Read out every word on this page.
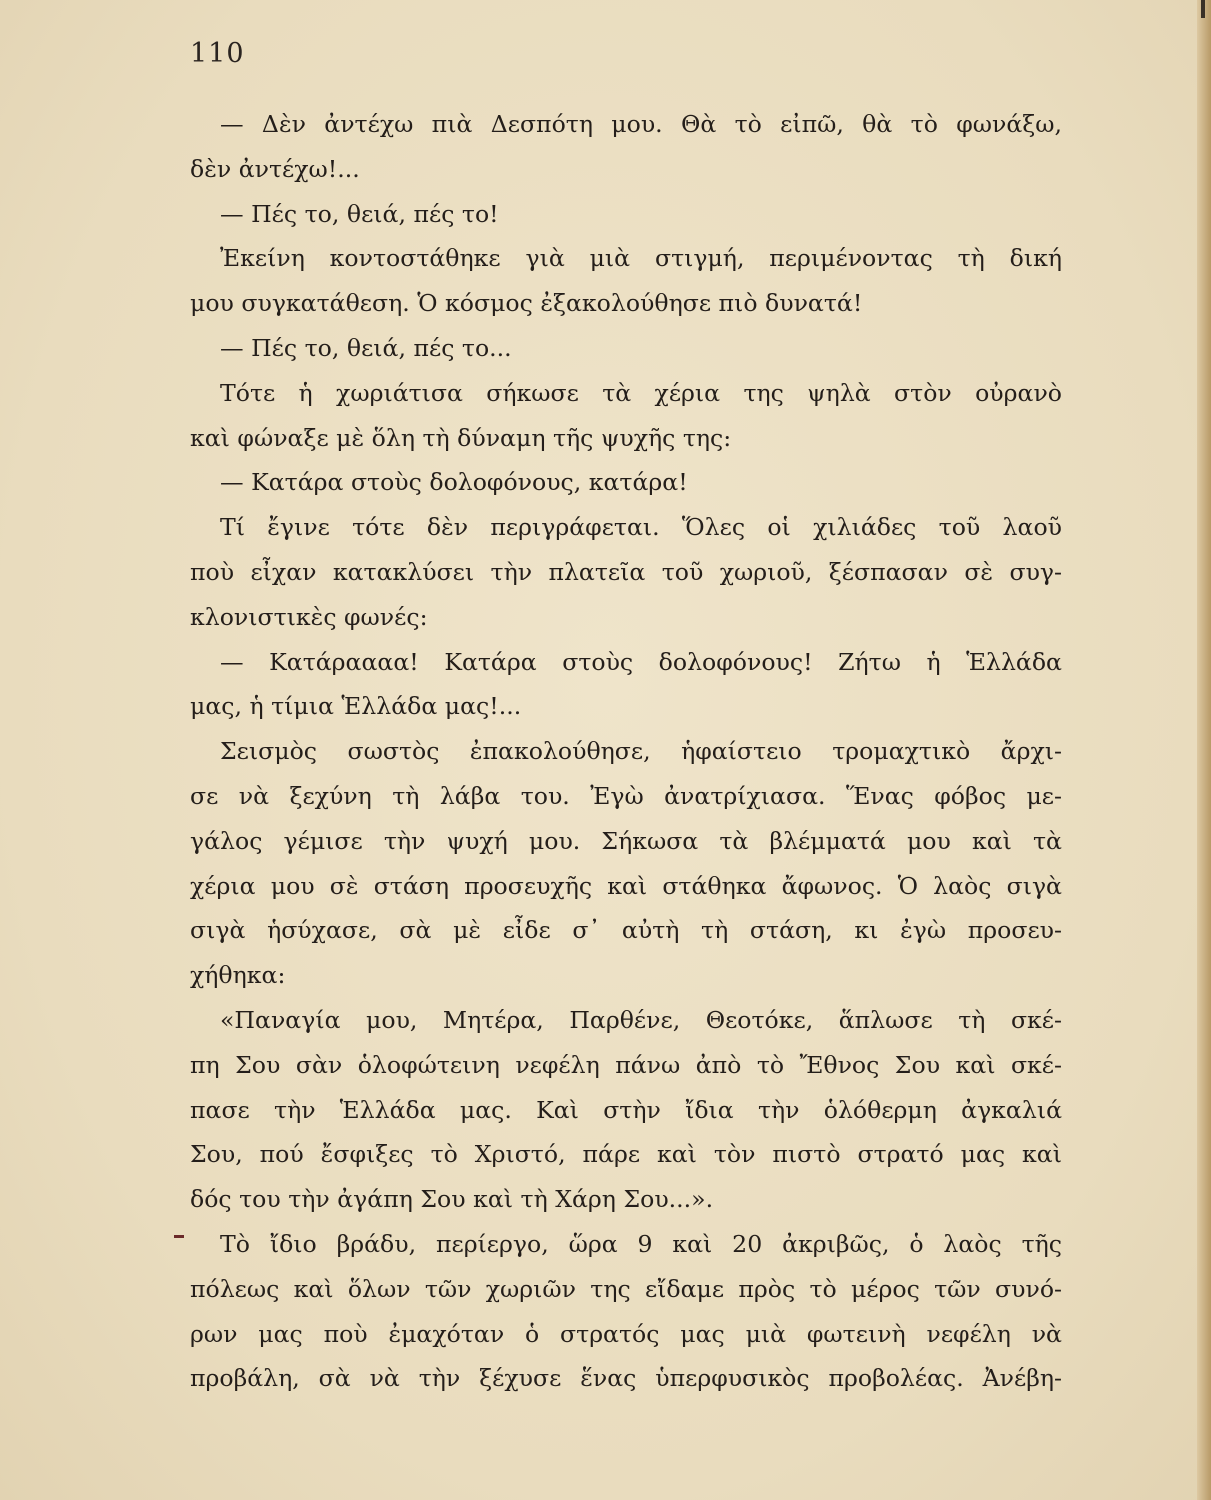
110
— Δὲν ἀντέχω πιὰ Δεσπότη μου. Θὰ τὸ εἰπῶ, θὰ τὸ φωνάξω,
δὲν ἀντέχω!...
— Πές το, θειά, πές το!
Ἐκείνη κοντοστάθηκε γιὰ μιὰ στιγμή, περιμένοντας τὴ δική
μου συγκατάθεση. Ὁ κόσμος ἐξακολούθησε πιὸ δυνατά!
— Πές το, θειά, πές το...
Τότε ἡ χωριάτισα σήκωσε τὰ χέρια της ψηλὰ στὸν οὐρανὸ
καὶ φώναξε μὲ ὅλη τὴ δύναμη τῆς ψυχῆς της:
— Κατάρα στοὺς δολοφόνους, κατάρα!
Τί ἔγινε τότε δὲν περιγράφεται. Ὅλες οἱ χιλιάδες τοῦ λαοῦ
ποὺ εἶχαν κατακλύσει τὴν πλατεῖα τοῦ χωριοῦ, ξέσπασαν σὲ συγ-
κλονιστικὲς φωνές:
— Κατάραααα! Κατάρα στοὺς δολοφόνους! Ζήτω ἡ Ἑλλάδα
μας, ἡ τίμια Ἑλλάδα μας!...
Σεισμὸς σωστὸς ἐπακολούθησε, ἡφαίστειο τρομαχτικὸ ἄρχι-
σε νὰ ξεχύνη τὴ λάβα του. Ἐγὼ ἀνατρίχιασα. Ἕνας φόβος με-
γάλος γέμισε τὴν ψυχή μου. Σήκωσα τὰ βλέμματά μου καὶ τὰ
χέρια μου σὲ στάση προσευχῆς καὶ στάθηκα ἄφωνος. Ὁ λαὸς σιγὰ
σιγὰ ἡσύχασε, σὰ μὲ εἶδε σ᾿ αὐτὴ τὴ στάση, κι ἐγὼ προσευ-
χήθηκα:
«Παναγία μου, Μητέρα, Παρθένε, Θεοτόκε, ἅπλωσε τὴ σκέ-
πη Σου σὰν ὁλοφώτεινη νεφέλη πάνω ἀπὸ τὸ Ἔθνος Σου καὶ σκέ-
πασε τὴν Ἑλλάδα μας. Καὶ στὴν ἴδια τὴν ὁλόθερμη ἀγκαλιά
Σου, πού ἔσφιξες τὸ Χριστό, πάρε καὶ τὸν πιστὸ στρατό μας καὶ
δός του τὴν ἀγάπη Σου καὶ τὴ Χάρη Σου...».
Τὸ ἴδιο βράδυ, περίεργο, ὥρα 9 καὶ 20 ἀκριβῶς, ὁ λαὸς τῆς
πόλεως καὶ ὅλων τῶν χωριῶν της εἴδαμε πρὸς τὸ μέρος τῶν συνό-
ρων μας ποὺ ἐμαχόταν ὁ στρατός μας μιὰ φωτεινὴ νεφέλη νὰ
προβάλη, σὰ νὰ τὴν ξέχυσε ἕνας ὑπερφυσικὸς προβολέας. Ἀνέβη-
